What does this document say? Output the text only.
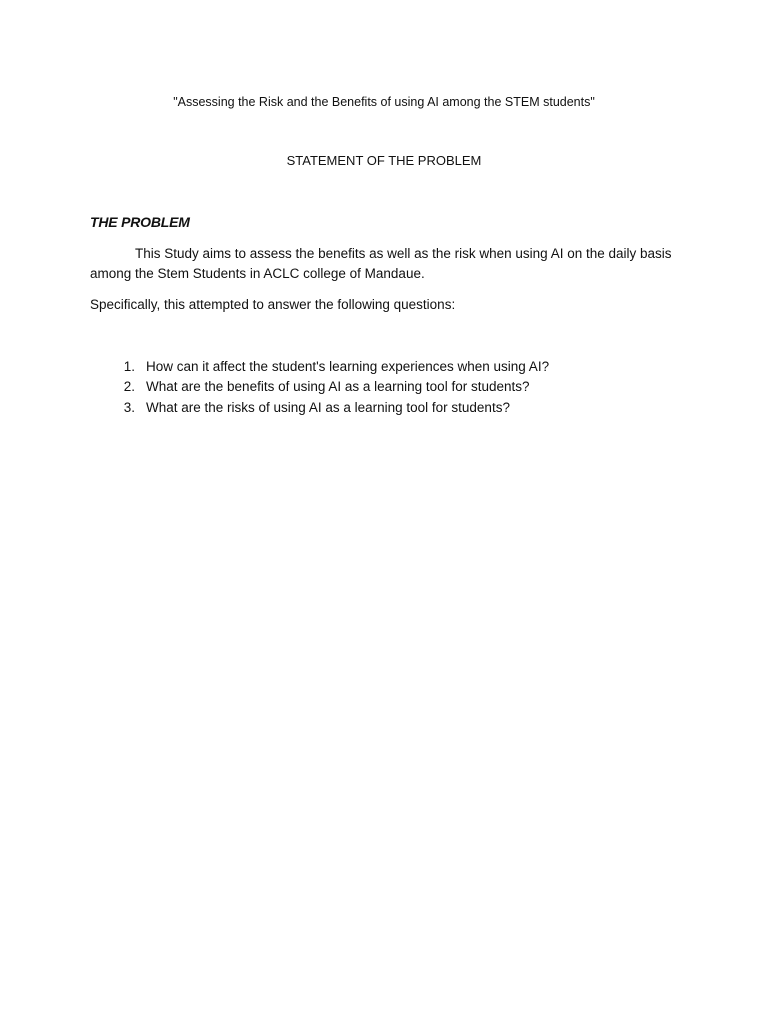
"Assessing the Risk and the Benefits of using AI among the STEM students"
STATEMENT OF THE PROBLEM
THE PROBLEM
This Study aims to assess the benefits as well as the risk when using AI on the daily basis among the Stem Students in ACLC college of Mandaue.
Specifically, this attempted to answer the following questions:
1. How can it affect the student's learning experiences when using AI?
2. What are the benefits of using AI as a learning tool for students?
3. What are the risks of using AI as a learning tool for students?
